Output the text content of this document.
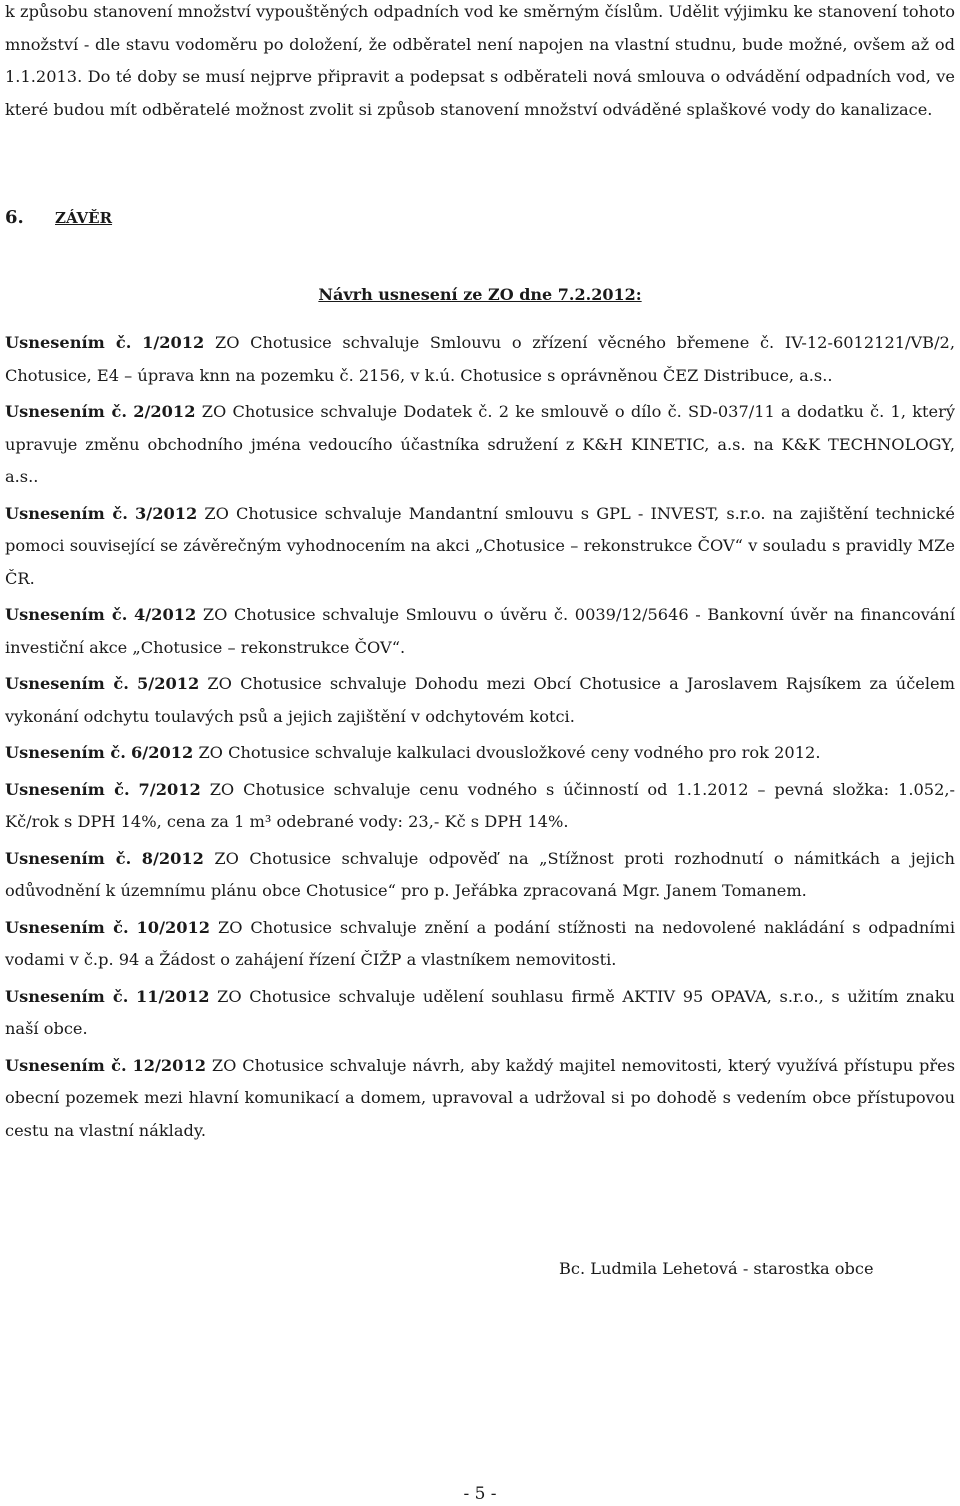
k způsobu stanovení množství vypouštěných odpadních vod ke směrným číslům. Udělit výjimku ke stanovení tohoto množství - dle stavu vodoměru po doložení, že odběratel není napojen na vlastní studnu, bude možné, ovšem až od 1.1.2013. Do té doby se musí nejprve připravit a podepsat s odběrateli nová smlouva o odvádění odpadních vod, ve které budou mít odběratelé možnost zvolit si způsob stanovení množství odváděné splaškové vody do kanalizace.

6. ZÁVĚR
Návrh usnesení ze ZO dne 7.2.2012:

Usnesením č. 1/2012 ZO Chotusice schvaluje Smlouvu o zřízení věcného břemene č. IV-12-6012121/VB/2, Chotusice, E4 – úprava knn na pozemku č. 2156, v k.ú. Chotusice s oprávněnou ČEZ Distribuce, a.s..

Usnesením č. 2/2012 ZO Chotusice schvaluje Dodatek č. 2 ke smlouvě o dílo č. SD-037/11 a dodatku č. 1, který upravuje změnu obchodního jména vedoucího účastníka sdružení z K&H KINETIC, a.s. na K&K TECHNOLOGY, a.s..

Usnesením č. 3/2012 ZO Chotusice schvaluje Mandantní smlouvu s GPL - INVEST, s.r.o. na zajištění technické pomoci související se závěrečným vyhodnocením na akci „Chotusice – rekonstrukce ČOV“ v souladu s pravidly MZe ČR.

Usnesením č. 4/2012 ZO Chotusice schvaluje Smlouvu o úvěru č. 0039/12/5646 - Bankovní úvěr na financování investiční akce „Chotusice – rekonstrukce ČOV“.

Usnesením č. 5/2012 ZO Chotusice schvaluje Dohodu mezi Obcí Chotusice a Jaroslavem Rajsíkem za účelem vykonání odchytu toulavých psů a jejich zajištění v odchytovém kotci.

Usnesením č. 6/2012 ZO Chotusice schvaluje kalkulaci dvousložkové ceny vodného pro rok 2012.

Usnesením č. 7/2012 ZO Chotusice schvaluje cenu vodného s účinností od 1.1.2012 – pevná složka: 1.052,- Kč/rok s DPH 14%, cena za 1 m³ odebrané vody: 23,- Kč s DPH 14%.

Usnesením č. 8/2012 ZO Chotusice schvaluje odpověď na „Stížnost proti rozhodnutí o námitkách a jejich odůvodnění k územnímu plánu obce Chotusice“ pro p. Jeřábka zpracovaná Mgr. Janem Tomanem.

Usnesením č. 10/2012 ZO Chotusice schvaluje znění a podání stížnosti na nedovolené nakládání s odpadními vodami v č.p. 94 a Žádost o zahájení řízení ČIŽP a vlastníkem nemovitosti.

Usnesením č. 11/2012 ZO Chotusice schvaluje udělení souhlasu firmě AKTIV 95 OPAVA, s.r.o., s užitím znaku naší obce.

Usnesením č. 12/2012 ZO Chotusice schvaluje návrh, aby každý majitel nemovitosti, který využívá přístupu přes obecní pozemek mezi hlavní komunikací a domem, upravoval a udržoval si po dohodě s vedením obce přístupovou cestu na vlastní náklady.

Bc. Ludmila Lehetová - starostka obce
- 5 -
